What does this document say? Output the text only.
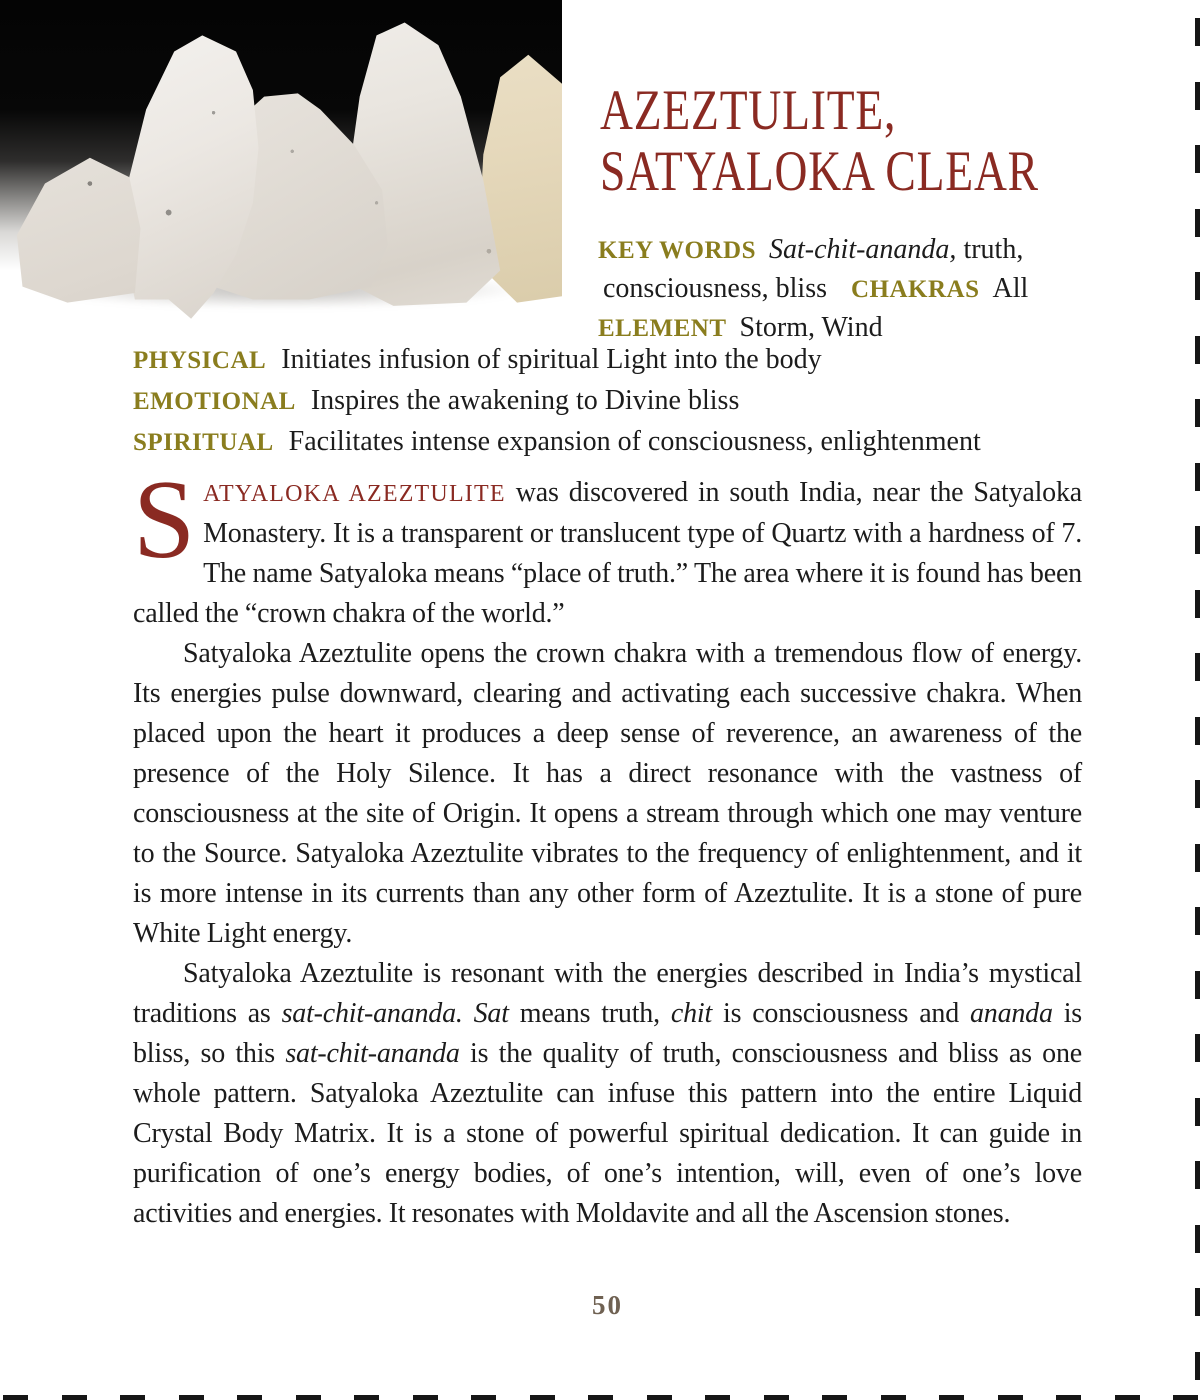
AZEZTULITE,
SATYALOKA CLEAR
KEY WORDS Sat-chit-ananda, truth,
consciousness, bliss CHAKRAS All
ELEMENT Storm, Wind
PHYSICAL Initiates infusion of spiritual Light into the body
EMOTIONAL Inspires the awakening to Divine bliss
SPIRITUAL Facilitates intense expansion of consciousness, enlightenment

SATYALOKA AZEZTULITE was discovered in south India, near the Satyaloka Monastery. It is a transparent or translucent type of Quartz with a hardness of 7. The name Satyaloka means “place of truth.” The area where it is found has been called the “crown chakra of the world.”

Satyaloka Azeztulite opens the crown chakra with a tremendous flow of energy. Its energies pulse downward, clearing and activating each successive chakra. When placed upon the heart it produces a deep sense of reverence, an awareness of the presence of the Holy Silence. It has a direct resonance with the vastness of consciousness at the site of Origin. It opens a stream through which one may venture to the Source. Satyaloka Azeztulite vibrates to the frequency of enlightenment, and it is more intense in its currents than any other form of Azeztulite. It is a stone of pure White Light energy.

Satyaloka Azeztulite is resonant with the energies described in India’s mystical traditions as sat-chit-ananda. Sat means truth, chit is consciousness and ananda is bliss, so this sat-chit-ananda is the quality of truth, consciousness and bliss as one whole pattern. Satyaloka Azeztulite can infuse this pattern into the entire Liquid Crystal Body Matrix. It is a stone of powerful spiritual dedication. It can guide in purification of one’s energy bodies, of one’s intention, will, even of one’s love activities and energies. It resonates with Moldavite and all the Ascension stones.

50
